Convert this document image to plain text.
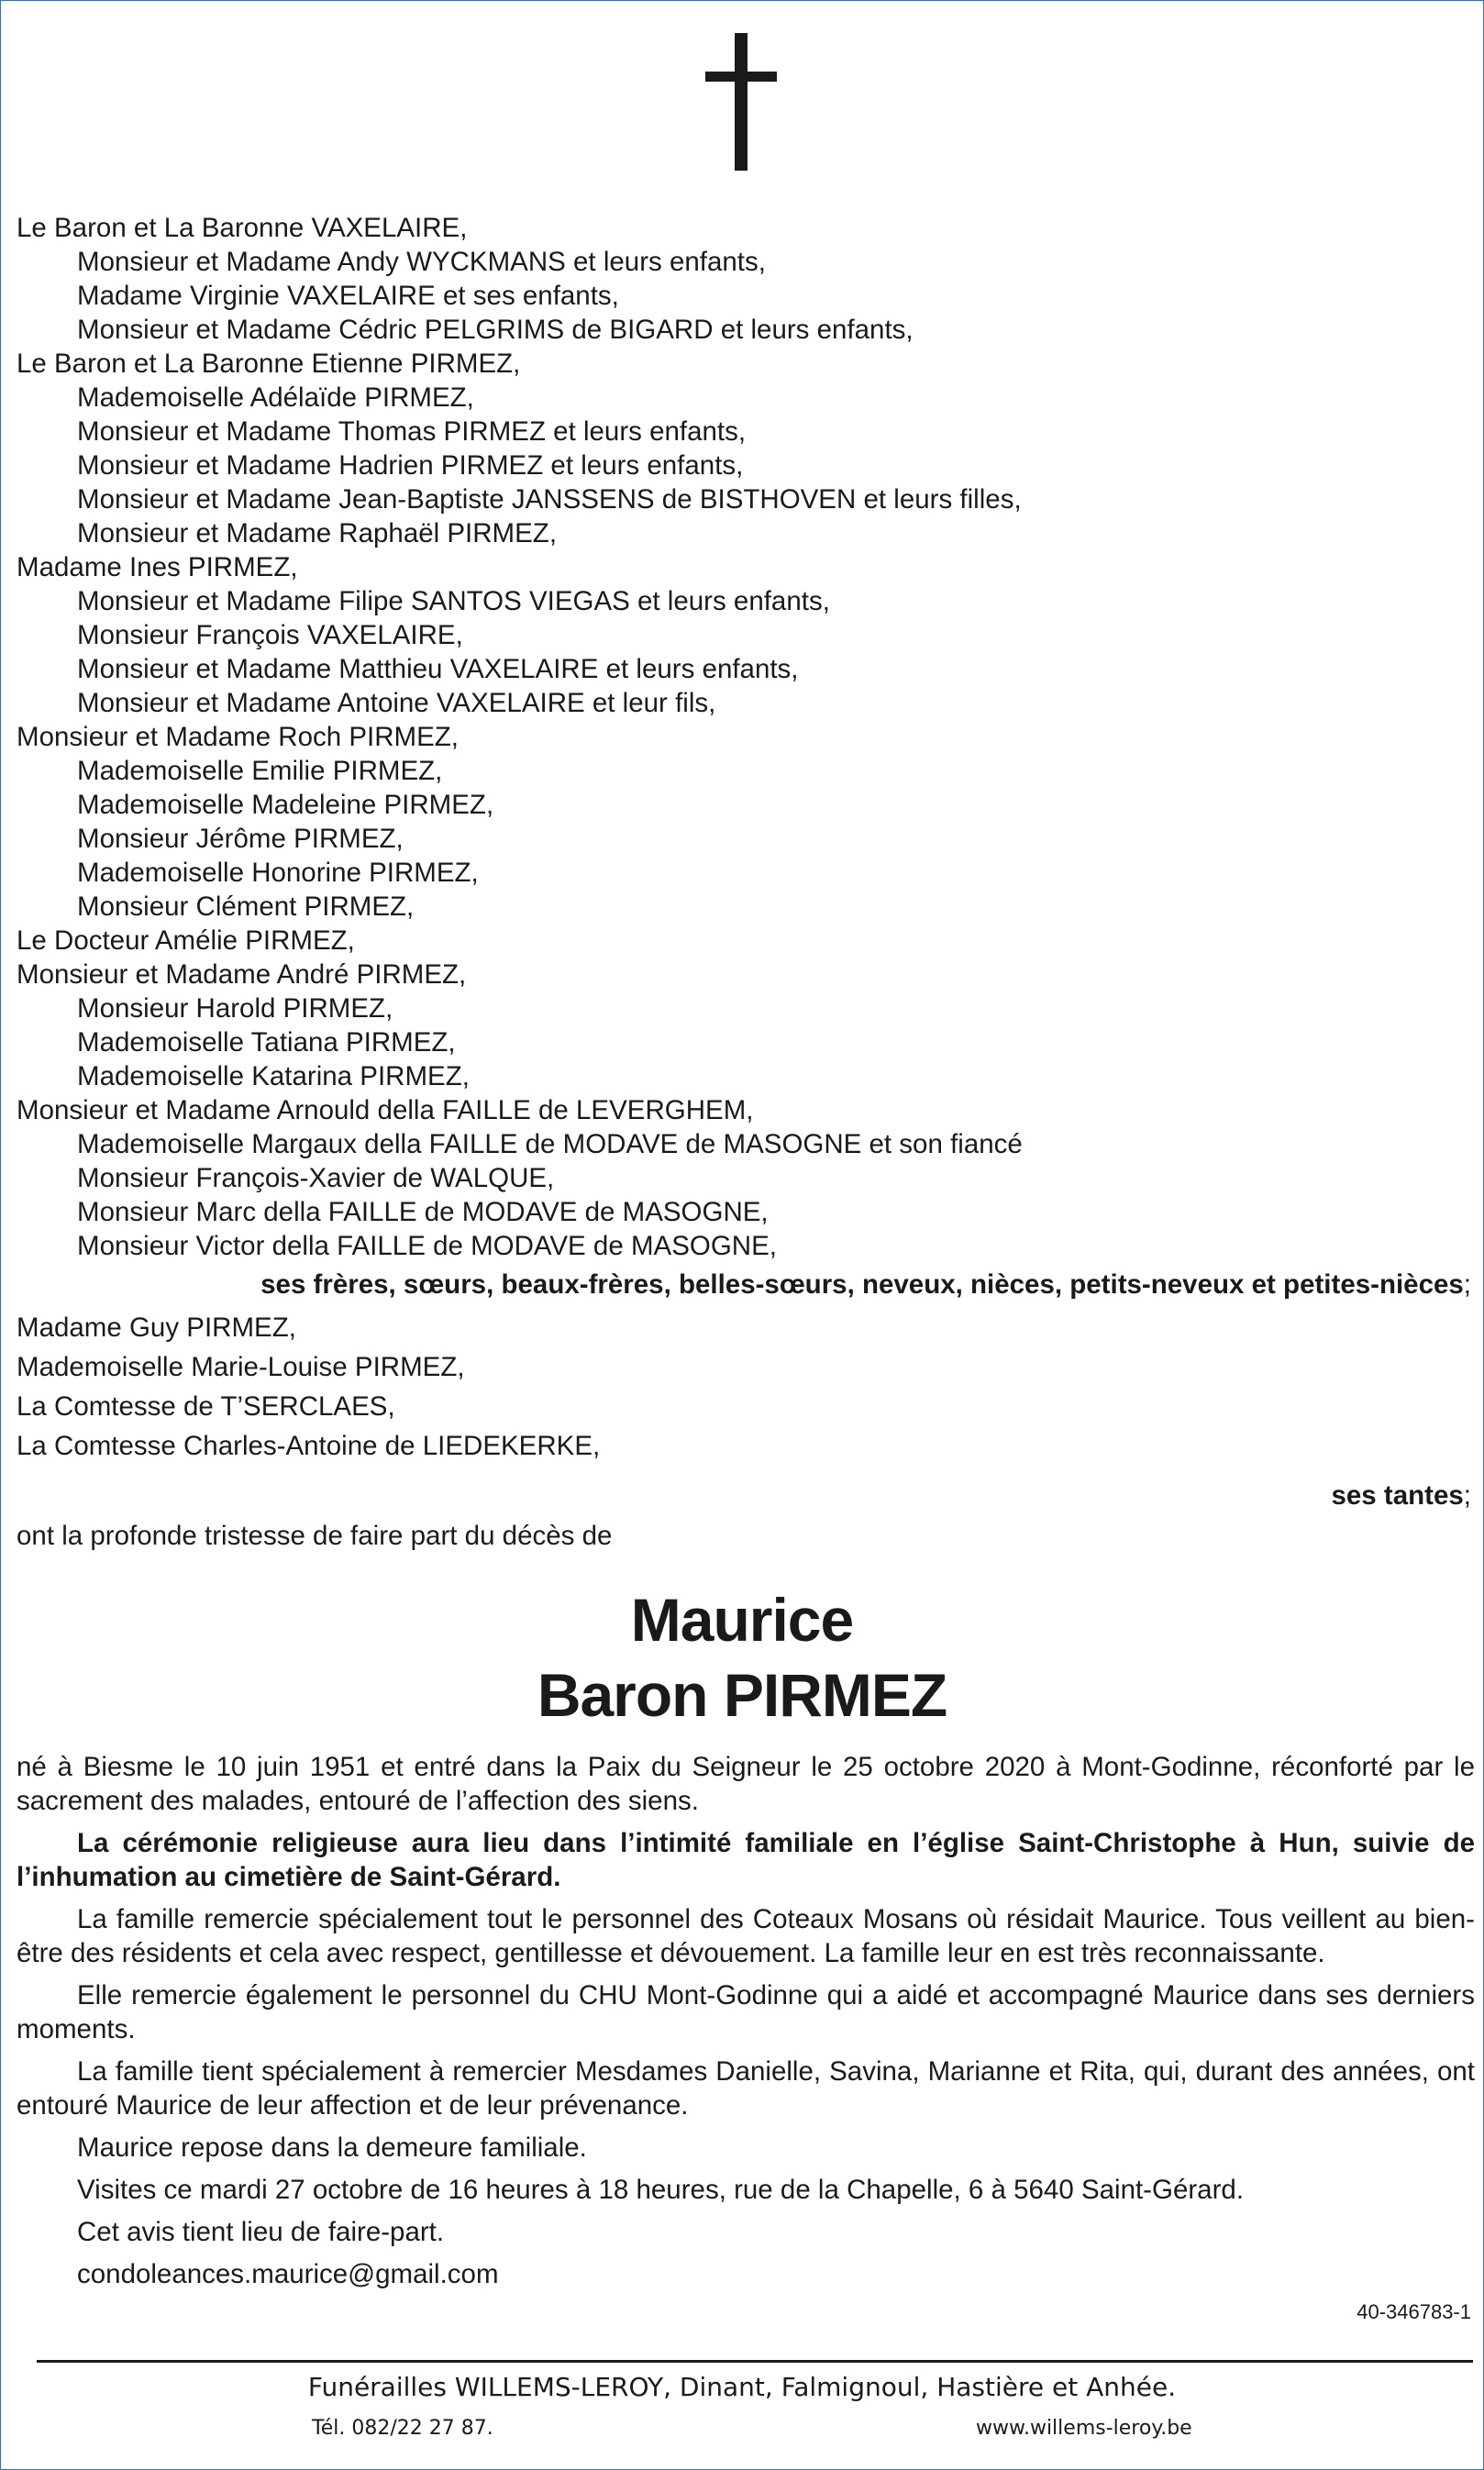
Le Baron et La Baronne VAXELAIRE,
Monsieur et Madame Andy WYCKMANS et leurs enfants,
Madame Virginie VAXELAIRE et ses enfants,
Monsieur et Madame Cédric PELGRIMS de BIGARD et leurs enfants,
Le Baron et La Baronne Etienne PIRMEZ,
Mademoiselle Adélaïde PIRMEZ,
Monsieur et Madame Thomas PIRMEZ et leurs enfants,
Monsieur et Madame Hadrien PIRMEZ et leurs enfants,
Monsieur et Madame Jean-Baptiste JANSSENS de BISTHOVEN et leurs filles,
Monsieur et Madame Raphaël PIRMEZ,
Madame Ines PIRMEZ,
Monsieur et Madame Filipe SANTOS VIEGAS et leurs enfants,
Monsieur François VAXELAIRE,
Monsieur et Madame Matthieu VAXELAIRE et leurs enfants,
Monsieur et Madame Antoine VAXELAIRE et leur fils,
Monsieur et Madame Roch PIRMEZ,
Mademoiselle Emilie PIRMEZ,
Mademoiselle Madeleine PIRMEZ,
Monsieur Jérôme PIRMEZ,
Mademoiselle Honorine PIRMEZ,
Monsieur Clément PIRMEZ,
Le Docteur Amélie PIRMEZ,
Monsieur et Madame André PIRMEZ,
Monsieur Harold PIRMEZ,
Mademoiselle Tatiana PIRMEZ,
Mademoiselle Katarina PIRMEZ,
Monsieur et Madame Arnould della FAILLE de LEVERGHEM,
Mademoiselle Margaux della FAILLE de MODAVE de MASOGNE et son fiancé
Monsieur François-Xavier de WALQUE,
Monsieur Marc della FAILLE de MODAVE de MASOGNE,
Monsieur Victor della FAILLE de MODAVE de MASOGNE,
ses frères, sœurs, beaux-frères, belles-sœurs, neveux, nièces, petits-neveux et petites-nièces;
Madame Guy PIRMEZ,
Mademoiselle Marie-Louise PIRMEZ,
La Comtesse de T’SERCLAES,
La Comtesse Charles-Antoine de LIEDEKERKE,
ses tantes;
ont la profonde tristesse de faire part du décès de
Maurice
Baron PIRMEZ

né à Biesme le 10 juin 1951 et entré dans la Paix du Seigneur le 25 octobre 2020 à Mont-Godinne, réconforté par le sacrement des malades, entouré de l’affection des siens.

La cérémonie religieuse aura lieu dans l’intimité familiale en l’église Saint-Christophe à Hun, suivie de l’inhumation au cimetière de Saint-Gérard.

La famille remercie spécialement tout le personnel des Coteaux Mosans où résidait Maurice. Tous veillent au bien-être des résidents et cela avec respect, gentillesse et dévouement. La famille leur en est très reconnaissante.

Elle remercie également le personnel du CHU Mont-Godinne qui a aidé et accompagné Maurice dans ses derniers moments.

La famille tient spécialement à remercier Mesdames Danielle, Savina, Marianne et Rita, qui, durant des années, ont entouré Maurice de leur affection et de leur prévenance.

Maurice repose dans la demeure familiale.

Visites ce mardi 27 octobre de 16 heures à 18 heures, rue de la Chapelle, 6 à 5640 Saint-Gérard.

Cet avis tient lieu de faire-part.

condoleances.maurice@gmail.com

40-346783-1
Funérailles WILLEMS-LEROY, Dinant, Falmignoul, Hastière et Anhée.
Tél. 082/22 27 87.	www.willems-leroy.be
